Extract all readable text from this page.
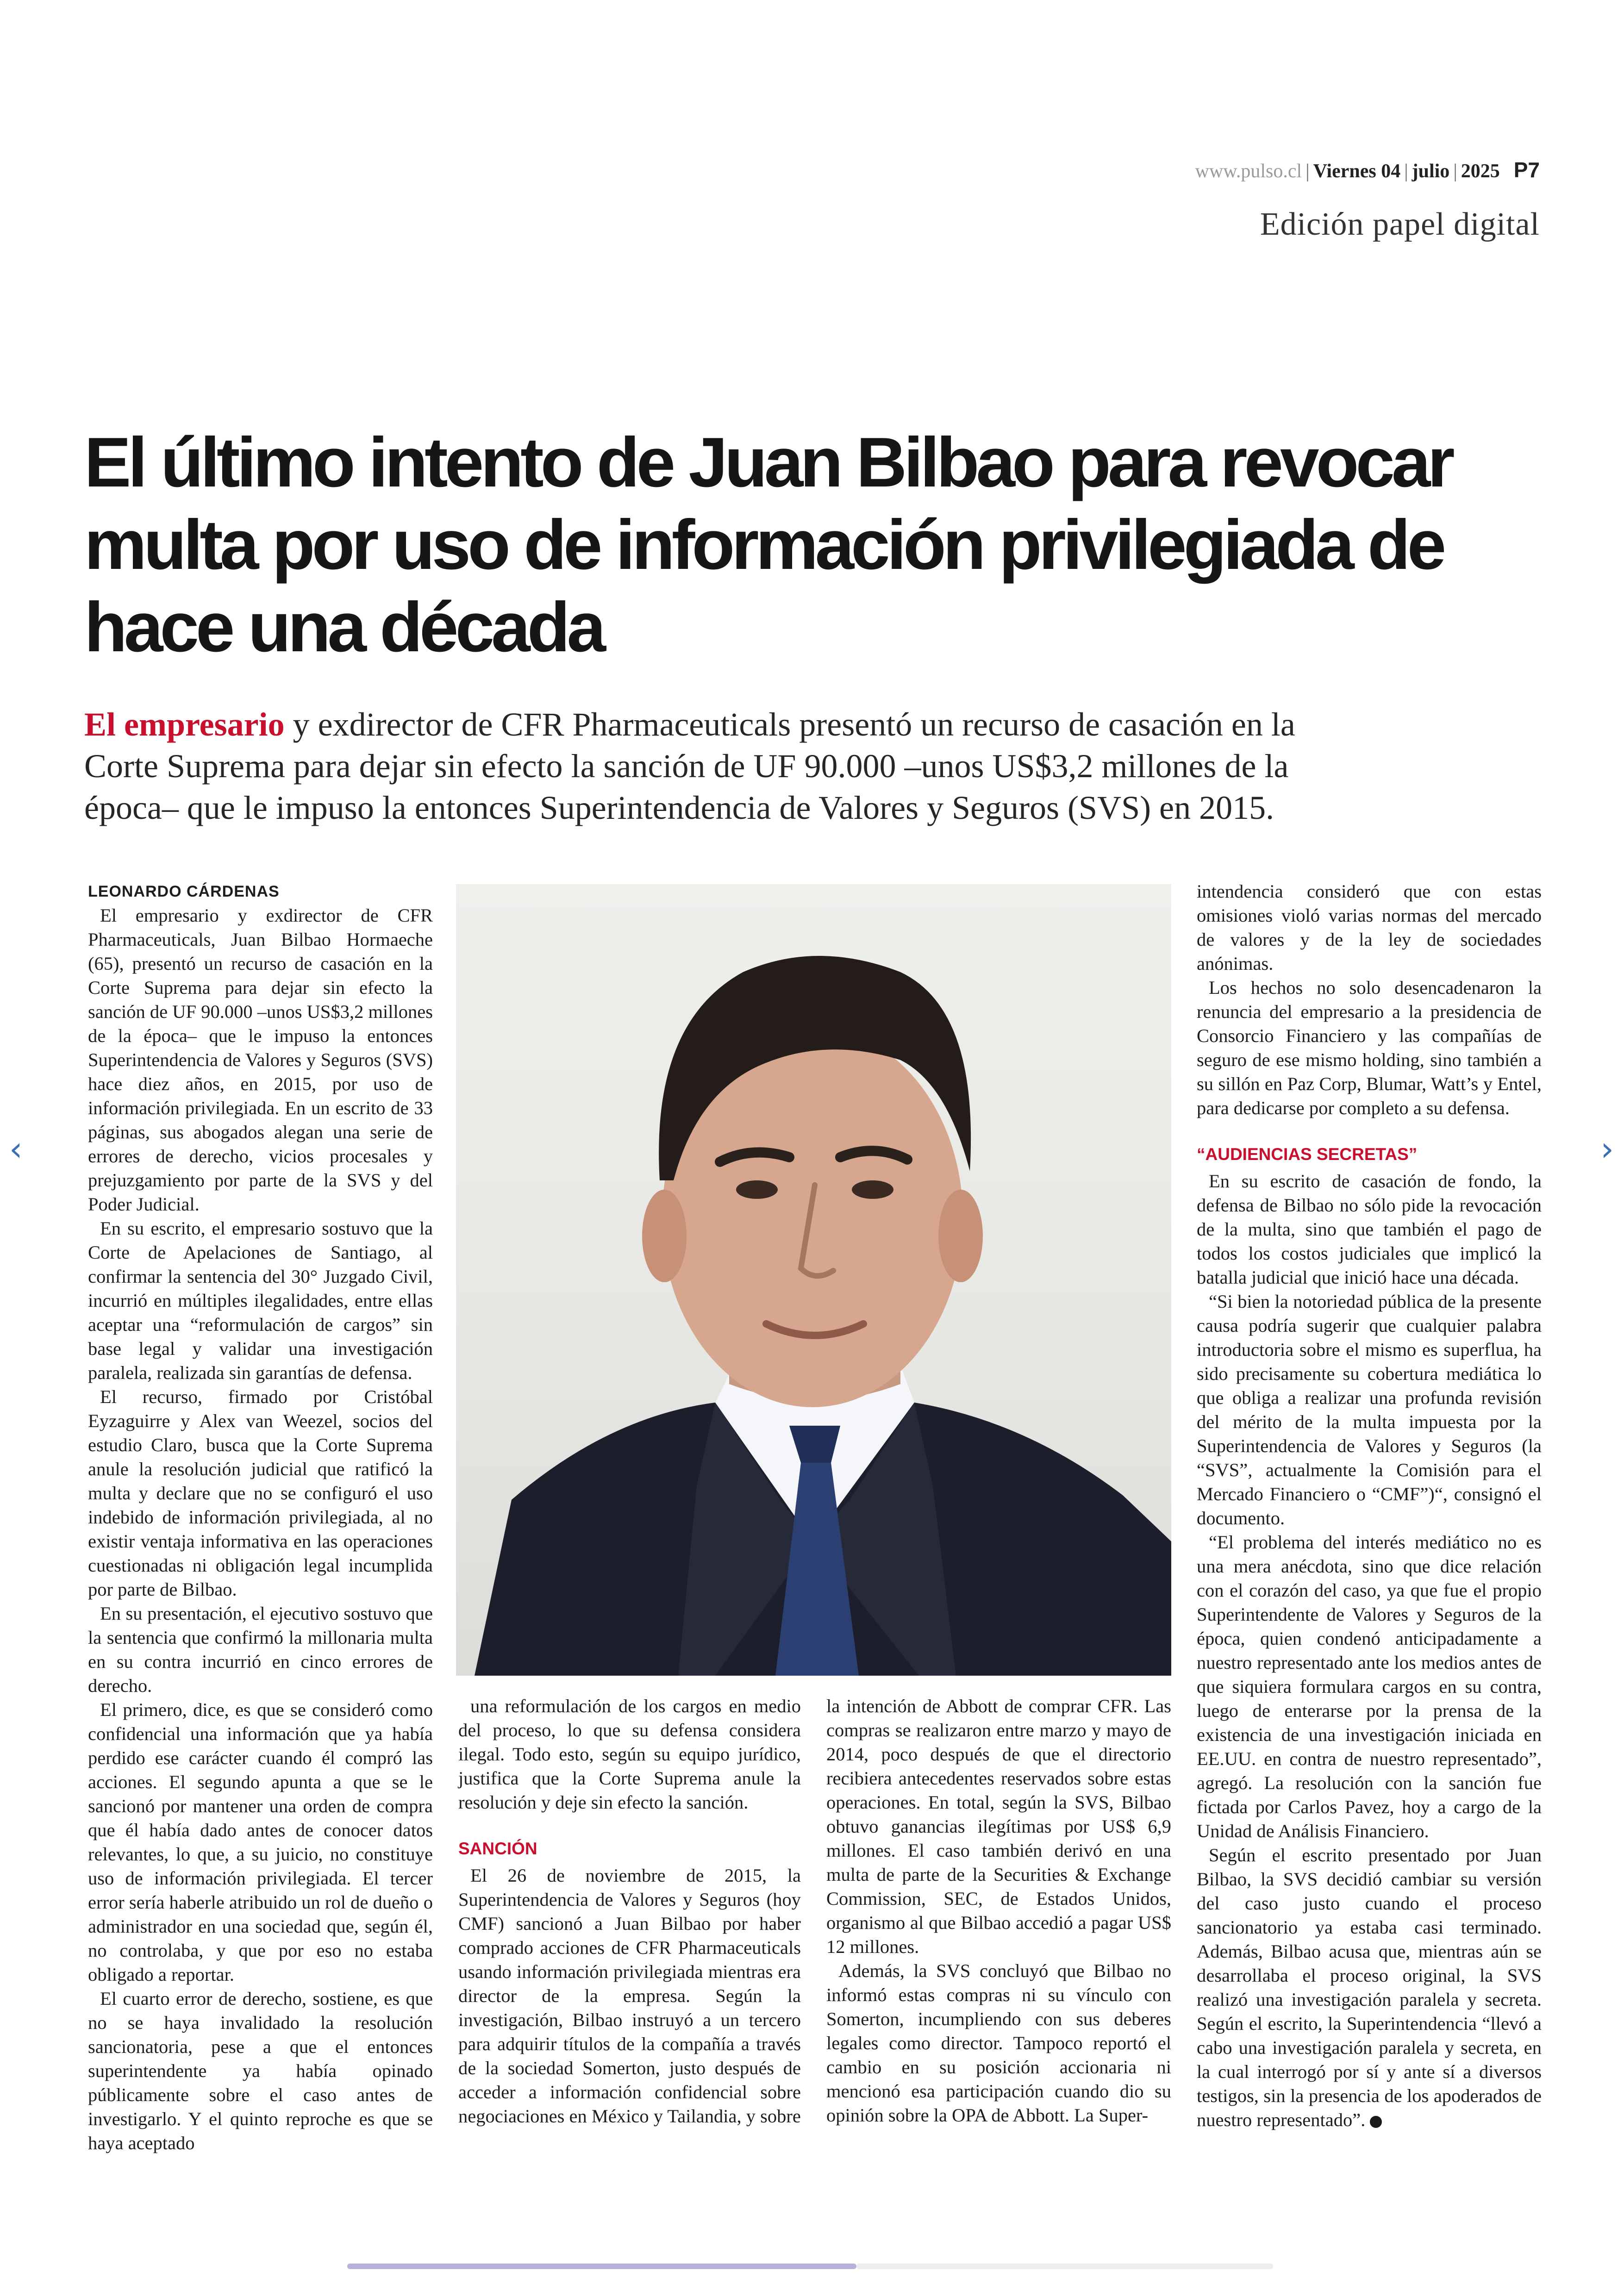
www.pulso.cl | Viernes 04 | julio | 2025 P7
Edición papel digital
El último intento de Juan Bilbao para revocar multa por uso de información privilegiada de hace una década

El empresario y exdirector de CFR Pharmaceuticals presentó un recurso de casación en la Corte Suprema para dejar sin efecto la sanción de UF 90.000 –unos US$3,2 millones de la época– que le impuso la entonces Superintendencia de Valores y Seguros (SVS) en 2015.

LEONARDO CÁRDENAS

El empresario y exdirector de CFR Pharmaceuticals, Juan Bilbao Hormaeche (65), presentó un recurso de casación en la Corte Suprema para dejar sin efecto la sanción de UF 90.000 –unos US$3,2 millones de la época– que le impuso la entonces Superintendencia de Valores y Seguros (SVS) hace diez años, en 2015, por uso de información privilegiada. En un escrito de 33 páginas, sus abogados alegan una serie de errores de derecho, vicios procesales y prejuzgamiento por parte de la SVS y del Poder Judicial.

En su escrito, el empresario sostuvo que la Corte de Apelaciones de Santiago, al confirmar la sentencia del 30° Juzgado Civil, incurrió en múltiples ilegalidades, entre ellas aceptar una “reformulación de cargos” sin base legal y validar una investigación paralela, realizada sin garantías de defensa.

El recurso, firmado por Cristóbal Eyzaguirre y Alex van Weezel, socios del estudio Claro, busca que la Corte Suprema anule la resolución judicial que ratificó la multa y declare que no se configuró el uso indebido de información privilegiada, al no existir ventaja informativa en las operaciones cuestionadas ni obligación legal incumplida por parte de Bilbao.

En su presentación, el ejecutivo sostuvo que la sentencia que confirmó la millonaria multa en su contra incurrió en cinco errores de derecho.

El primero, dice, es que se consideró como confidencial una información que ya había perdido ese carácter cuando él compró las acciones. El segundo apunta a que se le sancionó por mantener una orden de compra que él había dado antes de conocer datos relevantes, lo que, a su juicio, no constituye uso de información privilegiada. El tercer error sería haberle atribuido un rol de dueño o administrador en una sociedad que, según él, no controlaba, y que por eso no estaba obligado a reportar.

El cuarto error de derecho, sostiene, es que no se haya invalidado la resolución sancionatoria, pese a que el entonces superintendente ya había opinado públicamente sobre el caso antes de investigarlo. Y el quinto reproche es que se haya aceptado

una reformulación de los cargos en medio del proceso, lo que su defensa considera ilegal. Todo esto, según su equipo jurídico, justifica que la Corte Suprema anule la resolución y deje sin efecto la sanción.

SANCIÓN

El 26 de noviembre de 2015, la Superintendencia de Valores y Seguros (hoy CMF) sancionó a Juan Bilbao por haber comprado acciones de CFR Pharmaceuticals usando información privilegiada mientras era director de la empresa. Según la investigación, Bilbao instruyó a un tercero para adquirir títulos de la compañía a través de la sociedad Somerton, justo después de acceder a información confidencial sobre negociaciones en México y Tailandia, y sobre

la intención de Abbott de comprar CFR. Las compras se realizaron entre marzo y mayo de 2014, poco después de que el directorio recibiera antecedentes reservados sobre estas operaciones. En total, según la SVS, Bilbao obtuvo ganancias ilegítimas por US$ 6,9 millones. El caso también derivó en una multa de parte de la Securities & Exchange Commission, SEC, de Estados Unidos, organismo al que Bilbao accedió a pagar US$ 12 millones.

Además, la SVS concluyó que Bilbao no informó estas compras ni su vínculo con Somerton, incumpliendo con sus deberes legales como director. Tampoco reportó el cambio en su posición accionaria ni mencionó esa participación cuando dio su opinión sobre la OPA de Abbott. La Super-

intendencia consideró que con estas omisiones violó varias normas del mercado de valores y de la ley de sociedades anónimas.

Los hechos no solo desencadenaron la renuncia del empresario a la presidencia de Consorcio Financiero y las compañías de seguro de ese mismo holding, sino también a su sillón en Paz Corp, Blumar, Watt’s y Entel, para dedicarse por completo a su defensa.

“AUDIENCIAS SECRETAS”

En su escrito de casación de fondo, la defensa de Bilbao no sólo pide la revocación de la multa, sino que también el pago de todos los costos judiciales que implicó la batalla judicial que inició hace una década.

“Si bien la notoriedad pública de la presente causa podría sugerir que cualquier palabra introductoria sobre el mismo es superflua, ha sido precisamente su cobertura mediática lo que obliga a realizar una profunda revisión del mérito de la multa impuesta por la Superintendencia de Valores y Seguros (la “SVS”, actualmente la Comisión para el Mercado Financiero o “CMF”)“, consignó el documento.

“El problema del interés mediático no es una mera anécdota, sino que dice relación con el corazón del caso, ya que fue el propio Superintendente de Valores y Seguros de la época, quien condenó anticipadamente a nuestro representado ante los medios antes de que siquiera formulara cargos en su contra, luego de enterarse por la prensa de la existencia de una investigación iniciada en EE.UU. en contra de nuestro representado”, agregó. La resolución con la sanción fue fictada por Carlos Pavez, hoy a cargo de la Unidad de Análisis Financiero.

Según el escrito presentado por Juan Bilbao, la SVS decidió cambiar su versión del caso justo cuando el proceso sancionatorio ya estaba casi terminado. Además, Bilbao acusa que, mientras aún se desarrollaba el proceso original, la SVS realizó una investigación paralela y secreta. Según el escrito, la Superintendencia “llevó a cabo una investigación paralela y secreta, en la cual interrogó por sí y ante sí a diversos testigos, sin la presencia de los apoderados de nuestro representado”.

‹	›
